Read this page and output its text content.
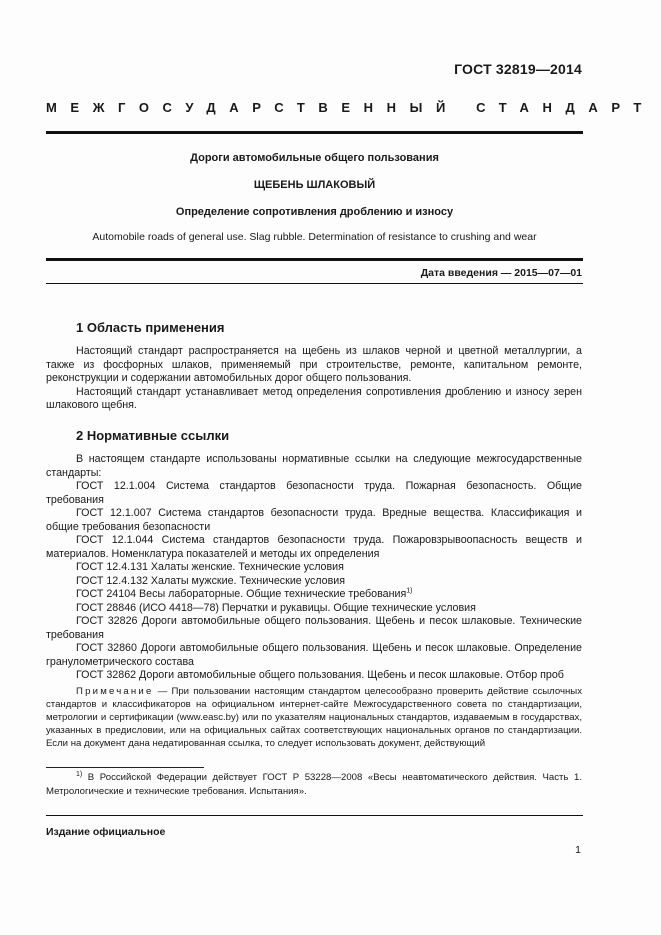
ГОСТ 32819—2014
МЕЖГОСУДАРСТВЕННЫЙ СТАНДАРТ
Дороги автомобильные общего пользования
ЩЕБЕНЬ ШЛАКОВЫЙ
Определение сопротивления дроблению и износу
Automobile roads of general use. Slag rubble. Determination of resistance to crushing and wear
Дата введения — 2015—07—01
1 Область применения

Настоящий стандарт распространяется на щебень из шлаков черной и цветной металлургии, а также из фосфорных шлаков, применяемый при строительстве, ремонте, капитальном ремонте, реконструкции и содержании автомобильных дорог общего пользования.

Настоящий стандарт устанавливает метод определения сопротивления дроблению и износу зерен шлакового щебня.

2 Нормативные ссылки

В настоящем стандарте использованы нормативные ссылки на следующие межгосударственные стандарты:

ГОСТ 12.1.004 Система стандартов безопасности труда. Пожарная безопасность. Общие требования

ГОСТ 12.1.007 Система стандартов безопасности труда. Вредные вещества. Классификация и общие требования безопасности

ГОСТ 12.1.044 Система стандартов безопасности труда. Пожаровзрывоопасность веществ и материалов. Номенклатура показателей и методы их определения

ГОСТ 12.4.131 Халаты женские. Технические условия

ГОСТ 12.4.132 Халаты мужские. Технические условия

ГОСТ 24104 Весы лабораторные. Общие технические требования$^{1)}$

ГОСТ 28846 (ИСО 4418—78) Перчатки и рукавицы. Общие технические условия

ГОСТ 32826 Дороги автомобильные общего пользования. Щебень и песок шлаковые. Технические требования

ГОСТ 32860 Дороги автомобильные общего пользования. Щебень и песок шлаковые. Определение гранулометрического состава

ГОСТ 32862 Дороги автомобильные общего пользования. Щебень и песок шлаковые. Отбор проб

Примечание — При пользовании настоящим стандартом целесообразно проверить действие ссылочных стандартов и классификаторов на официальном интернет-сайте Межгосударственного совета по стандартизации, метрологии и сертификации (www.easc.by) или по указателям национальных стандартов, издаваемым в государствах, указанных в предисловии, или на официальных сайтах соответствующих национальных органов по стандартизации. Если на документ дана недатированная ссылка, то следует использовать документ, действующий
$^{1)}$ В Российской Федерации действует ГОСТ Р 53228—2008 «Весы неавтоматического действия. Часть 1. Метрологические и технические требования. Испытания».
Издание официальное
1
